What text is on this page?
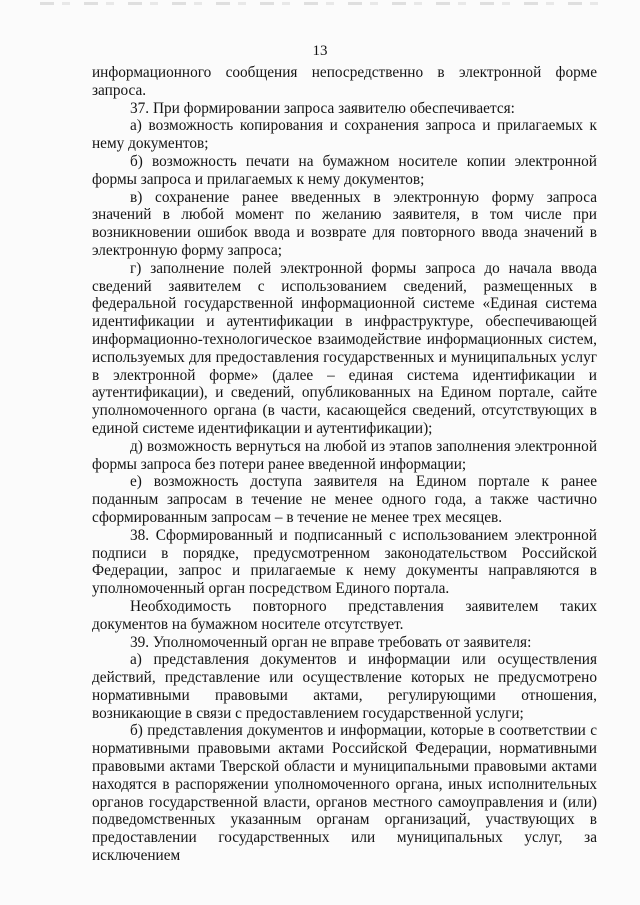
13

информационного сообщения непосредственно в электронной форме запроса.

37. При формировании запроса заявителю обеспечивается:

а) возможность копирования и сохранения запроса и прилагаемых к нему документов;

б) возможность печати на бумажном носителе копии электронной формы запроса и прилагаемых к нему документов;

в) сохранение ранее введенных в электронную форму запроса значений в любой момент по желанию заявителя, в том числе при возникновении ошибок ввода и возврате для повторного ввода значений в электронную форму запроса;

г) заполнение полей электронной формы запроса до начала ввода сведений заявителем с использованием сведений, размещенных в федеральной государственной информационной системе «Единая система идентификации и аутентификации в инфраструктуре, обеспечивающей информационно-технологическое взаимодействие информационных систем, используемых для предоставления государственных и муниципальных услуг в электронной форме» (далее – единая система идентификации и аутентификации), и сведений, опубликованных на Едином портале, сайте уполномоченного органа (в части, касающейся сведений, отсутствующих в единой системе идентификации и аутентификации);

д) возможность вернуться на любой из этапов заполнения электронной формы запроса без потери ранее введенной информации;

е) возможность доступа заявителя на Едином портале к ранее поданным запросам в течение не менее одного года, а также частично сформированным запросам – в течение не менее трех месяцев.

38. Сформированный и подписанный с использованием электронной подписи в порядке, предусмотренном законодательством Российской Федерации, запрос и прилагаемые к нему документы направляются в уполномоченный орган посредством Единого портала.

Необходимость повторного представления заявителем таких документов на бумажном носителе отсутствует.

39. Уполномоченный орган не вправе требовать от заявителя:

а) представления документов и информации или осуществления действий, представление или осуществление которых не предусмотрено нормативными правовыми актами, регулирующими отношения, возникающие в связи с предоставлением государственной услуги;

б) представления документов и информации, которые в соответствии с нормативными правовыми актами Российской Федерации, нормативными правовыми актами Тверской области и муниципальными правовыми актами находятся в распоряжении уполномоченного органа, иных исполнительных органов государственной власти, органов местного самоуправления и (или) подведомственных указанным органам организаций, участвующих в предоставлении государственных или муниципальных услуг, за исключением
